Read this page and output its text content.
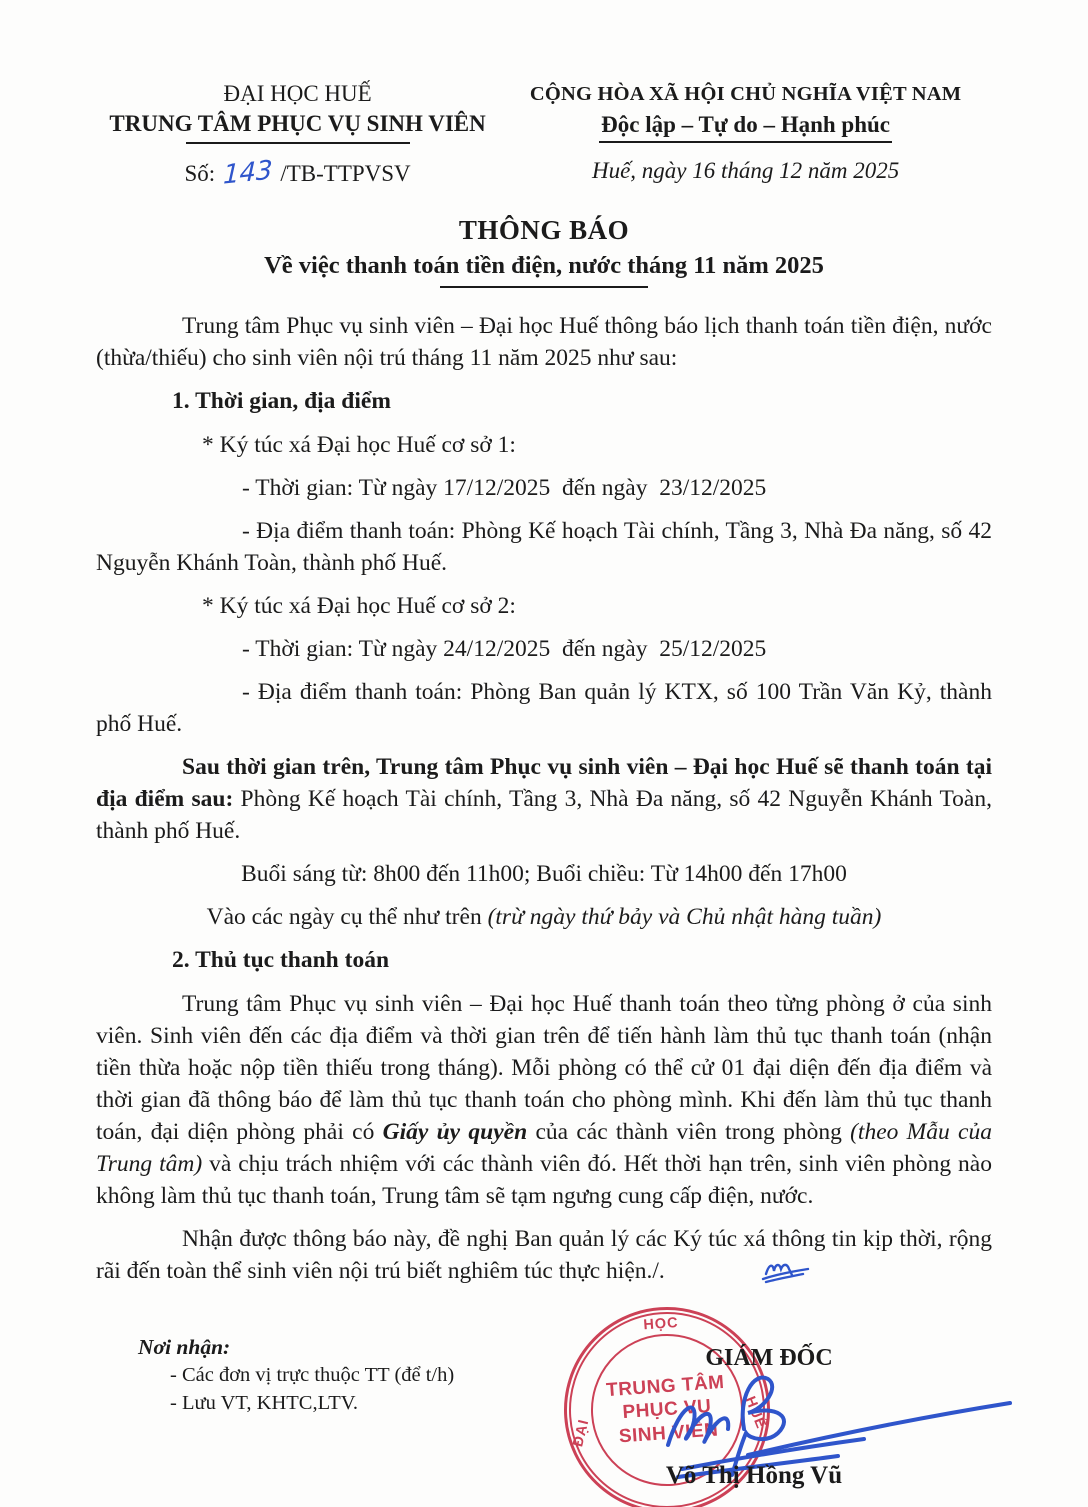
ĐẠI HỌC HUẾ
TRUNG TÂM PHỤC VỤ SINH VIÊN
Số: 143 /TB-TTPVSV
CỘNG HÒA XÃ HỘI CHỦ NGHĨA VIỆT NAM
Độc lập – Tự do – Hạnh phúc
Huế, ngày 16 tháng 12 năm 2025
THÔNG BÁO
Về việc thanh toán tiền điện, nước tháng 11 năm 2025

Trung tâm Phục vụ sinh viên – Đại học Huế thông báo lịch thanh toán tiền điện, nước (thừa/thiếu) cho sinh viên nội trú tháng 11 năm 2025 như sau:

1. Thời gian, địa điểm

* Ký túc xá Đại học Huế cơ sở 1:

- Thời gian: Từ ngày 17/12/2025  đến ngày  23/12/2025

- Địa điểm thanh toán: Phòng Kế hoạch Tài chính, Tầng 3, Nhà Đa năng, số 42 Nguyễn Khánh Toàn, thành phố Huế.

* Ký túc xá Đại học Huế cơ sở 2:

- Thời gian: Từ ngày 24/12/2025  đến ngày  25/12/2025

- Địa điểm thanh toán: Phòng Ban quản lý KTX, số 100 Trần Văn Kỷ, thành phố Huế.

Sau thời gian trên, Trung tâm Phục vụ sinh viên – Đại học Huế sẽ thanh toán tại địa điểm sau: Phòng Kế hoạch Tài chính, Tầng 3, Nhà Đa năng, số 42 Nguyễn Khánh Toàn, thành phố Huế.

Buổi sáng từ: 8h00 đến 11h00; Buổi chiều: Từ 14h00 đến 17h00

Vào các ngày cụ thể như trên (trừ ngày thứ bảy và Chủ nhật hàng tuần)

2. Thủ tục thanh toán

Trung tâm Phục vụ sinh viên – Đại học Huế thanh toán theo từng phòng ở của sinh viên. Sinh viên đến các địa điểm và thời gian trên để tiến hành làm thủ tục thanh toán (nhận tiền thừa hoặc nộp tiền thiếu trong tháng). Mỗi phòng có thể cử 01 đại diện đến địa điểm và thời gian đã thông báo để làm thủ tục thanh toán cho phòng mình. Khi đến làm thủ tục thanh toán, đại diện phòng phải có Giấy ủy quyền của các thành viên trong phòng (theo Mẫu của Trung tâm) và chịu trách nhiệm với các thành viên đó. Hết thời hạn trên, sinh viên phòng nào không làm thủ tục thanh toán, Trung tâm sẽ tạm ngưng cung cấp điện, nước.

Nhận được thông báo này, đề nghị Ban quản lý các Ký túc xá thông tin kịp thời, rộng rãi đến toàn thể sinh viên nội trú biết nghiêm túc thực hiện./.

Nơi nhận:
- Các đơn vị trực thuộc TT (để t/h)
- Lưu VT, KHTC,LTV.
HỌC
ĐẠI
HUẾ
TRUNG TÂM
PHỤC VỤ
SINH VIÊN
GIÁM ĐỐC
Võ Thị Hồng Vũ
